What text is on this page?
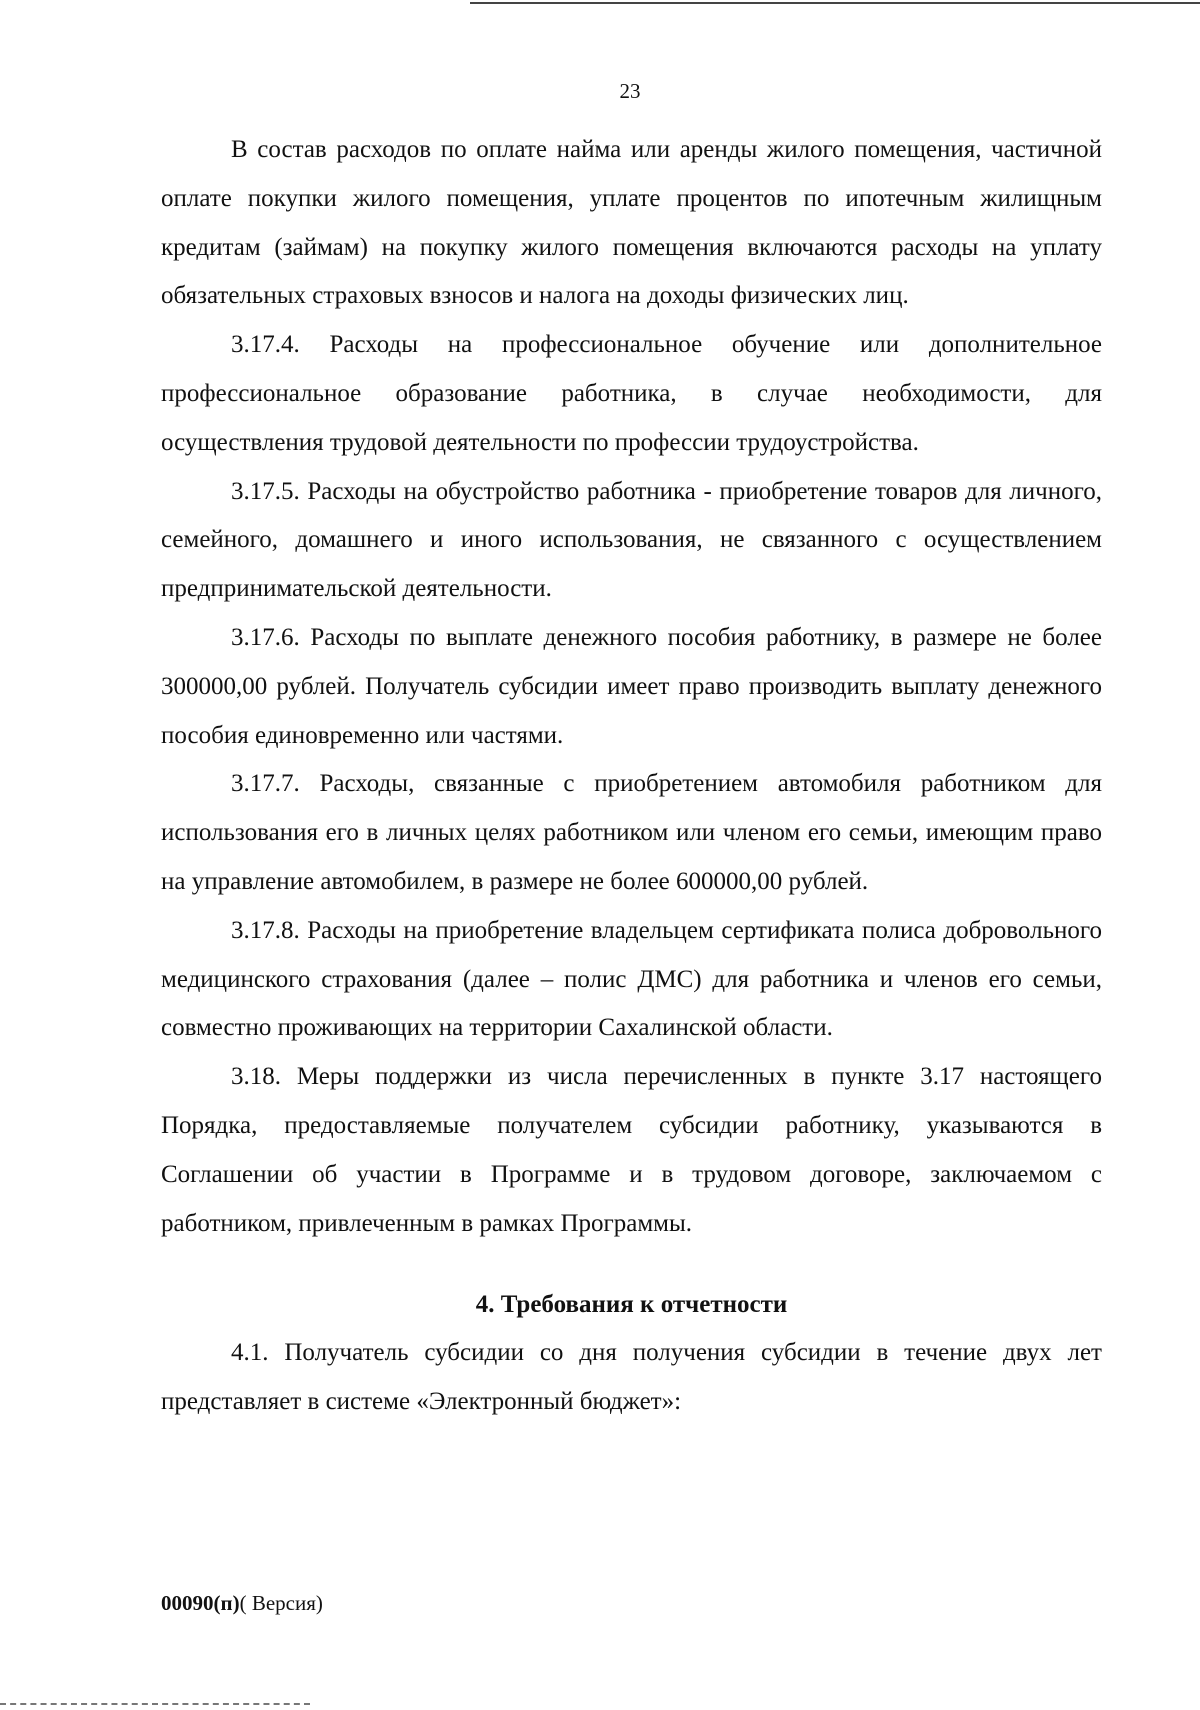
23

В состав расходов по оплате найма или аренды жилого помещения, частичной оплате покупки жилого помещения, уплате процентов по ипотечным жилищным кредитам (займам) на покупку жилого помещения включаются расходы на уплату обязательных страховых взносов и налога на доходы физических лиц.

3.17.4. Расходы на профессиональное обучение или дополнительное профессиональное образование работника, в случае необходимости, для осуществления трудовой деятельности по профессии трудоустройства.

3.17.5. Расходы на обустройство работника - приобретение товаров для личного, семейного, домашнего и иного использования, не связанного с осуществлением предпринимательской деятельности.

3.17.6. Расходы по выплате денежного пособия работнику, в размере не более 300000,00 рублей. Получатель субсидии имеет право производить выплату денежного пособия единовременно или частями.

3.17.7. Расходы, связанные с приобретением автомобиля работником для использования его в личных целях работником или членом его семьи, имеющим право на управление автомобилем, в размере не более 600000,00 рублей.

3.17.8. Расходы на приобретение владельцем сертификата полиса добровольного медицинского страхования (далее – полис ДМС) для работника и членов его семьи, совместно проживающих на территории Сахалинской области.

3.18. Меры поддержки из числа перечисленных в пункте 3.17 настоящего Порядка, предоставляемые получателем субсидии работнику, указываются в Соглашении об участии в Программе и в трудовом договоре, заключаемом с работником, привлеченным в рамках Программы.

4. Требования к отчетности

4.1. Получатель субсидии со дня получения субсидии в течение двух лет представляет в системе «Электронный бюджет»:

00090(п)( Версия)
